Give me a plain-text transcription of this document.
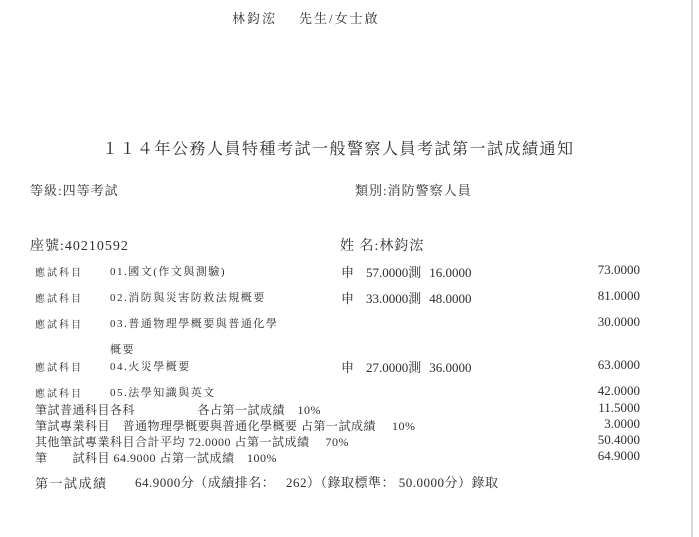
林鈞浤 先生/女士啟
１１４年公務人員特種考試一般警察人員考試第一試成績通知
等級:四等考試	類別:消防警察人員
座號:40210592	姓 名:林鈞浤
應試科目 01.國文(作文與測驗)	申 57.0000測 16.0000	73.0000
應試科目 02.消防與災害防救法規概要	申 33.0000測 48.0000	81.0000
應試科目 03.普通物理學概要與普通化學	30.0000
概要
應試科目 04.火災學概要	申 27.0000測 36.0000	63.0000
應試科目 05.法學知識與英文	42.0000
筆試普通科目各科　　　　　各占第一試成績　10%	11.5000
筆試專業科目　普通物理學概要與普通化學概要 占第一試成績　 10%	3.0000
其他筆試專業科目合計平均 72.0000 占第一試成績　 70%	50.4000
筆　　試科目 64.9000 占第一試成績　100%	64.9000
第一試成績 64.9000分（成績排名：　 262）（錄取標準： 50.0000分）錄取
